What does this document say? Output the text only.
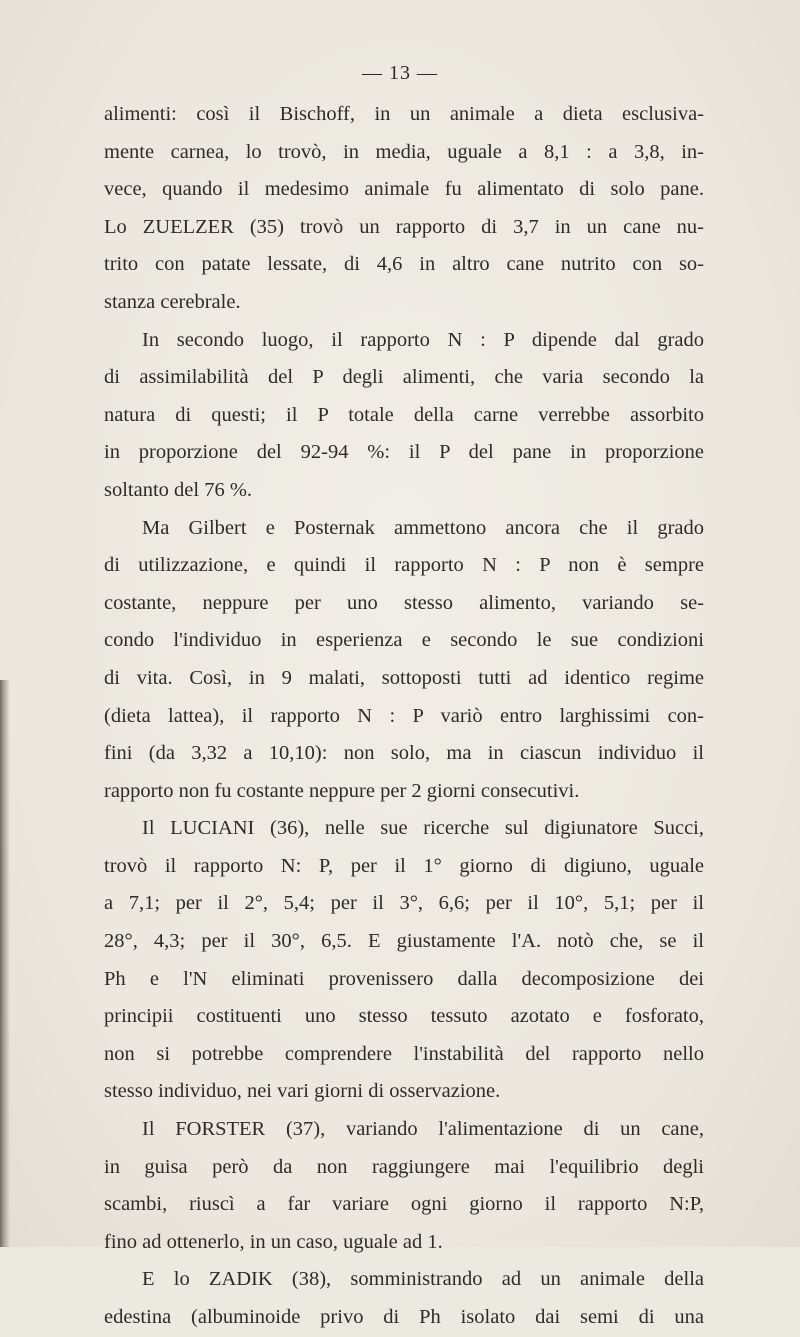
— 13 —
alimenti: così il Bischoff, in un animale a dieta esclusiva-
mente carnea, lo trovò, in media, uguale a 8,1 : a 3,8, in-
vece, quando il medesimo animale fu alimentato di solo pane.
Lo ZUELZER (35) trovò un rapporto di 3,7 in un cane nu-
trito con patate lessate, di 4,6 in altro cane nutrito con so-
stanza cerebrale.
In secondo luogo, il rapporto N : P dipende dal grado
di assimilabilità del P degli alimenti, che varia secondo la
natura di questi; il P totale della carne verrebbe assorbito
in proporzione del 92-94 %: il P del pane in proporzione
soltanto del 76 %.
Ma Gilbert e Posternak ammettono ancora che il grado
di utilizzazione, e quindi il rapporto N : P non è sempre
costante, neppure per uno stesso alimento, variando se-
condo l'individuo in esperienza e secondo le sue condizioni
di vita. Così, in 9 malati, sottoposti tutti ad identico regime
(dieta lattea), il rapporto N : P variò entro larghissimi con-
fini (da 3,32 a 10,10): non solo, ma in ciascun individuo il
rapporto non fu costante neppure per 2 giorni consecutivi.
Il LUCIANI (36), nelle sue ricerche sul digiunatore Succi,
trovò il rapporto N: P, per il 1° giorno di digiuno, uguale
a 7,1; per il 2°, 5,4; per il 3°, 6,6; per il 10°, 5,1; per il
28°, 4,3; per il 30°, 6,5. E giustamente l'A. notò che, se il
Ph e l'N eliminati provenissero dalla decomposizione dei
principii costituenti uno stesso tessuto azotato e fosforato,
non si potrebbe comprendere l'instabilità del rapporto nello
stesso individuo, nei vari giorni di osservazione.
Il FORSTER (37), variando l'alimentazione di un cane,
in guisa però da non raggiungere mai l'equilibrio degli
scambi, riuscì a far variare ogni giorno il rapporto N:P,
fino ad ottenerlo, in un caso, uguale ad 1.
E lo ZADIK (38), somministrando ad un animale della
edestina (albuminoide privo di Ph isolato dai semi di una
